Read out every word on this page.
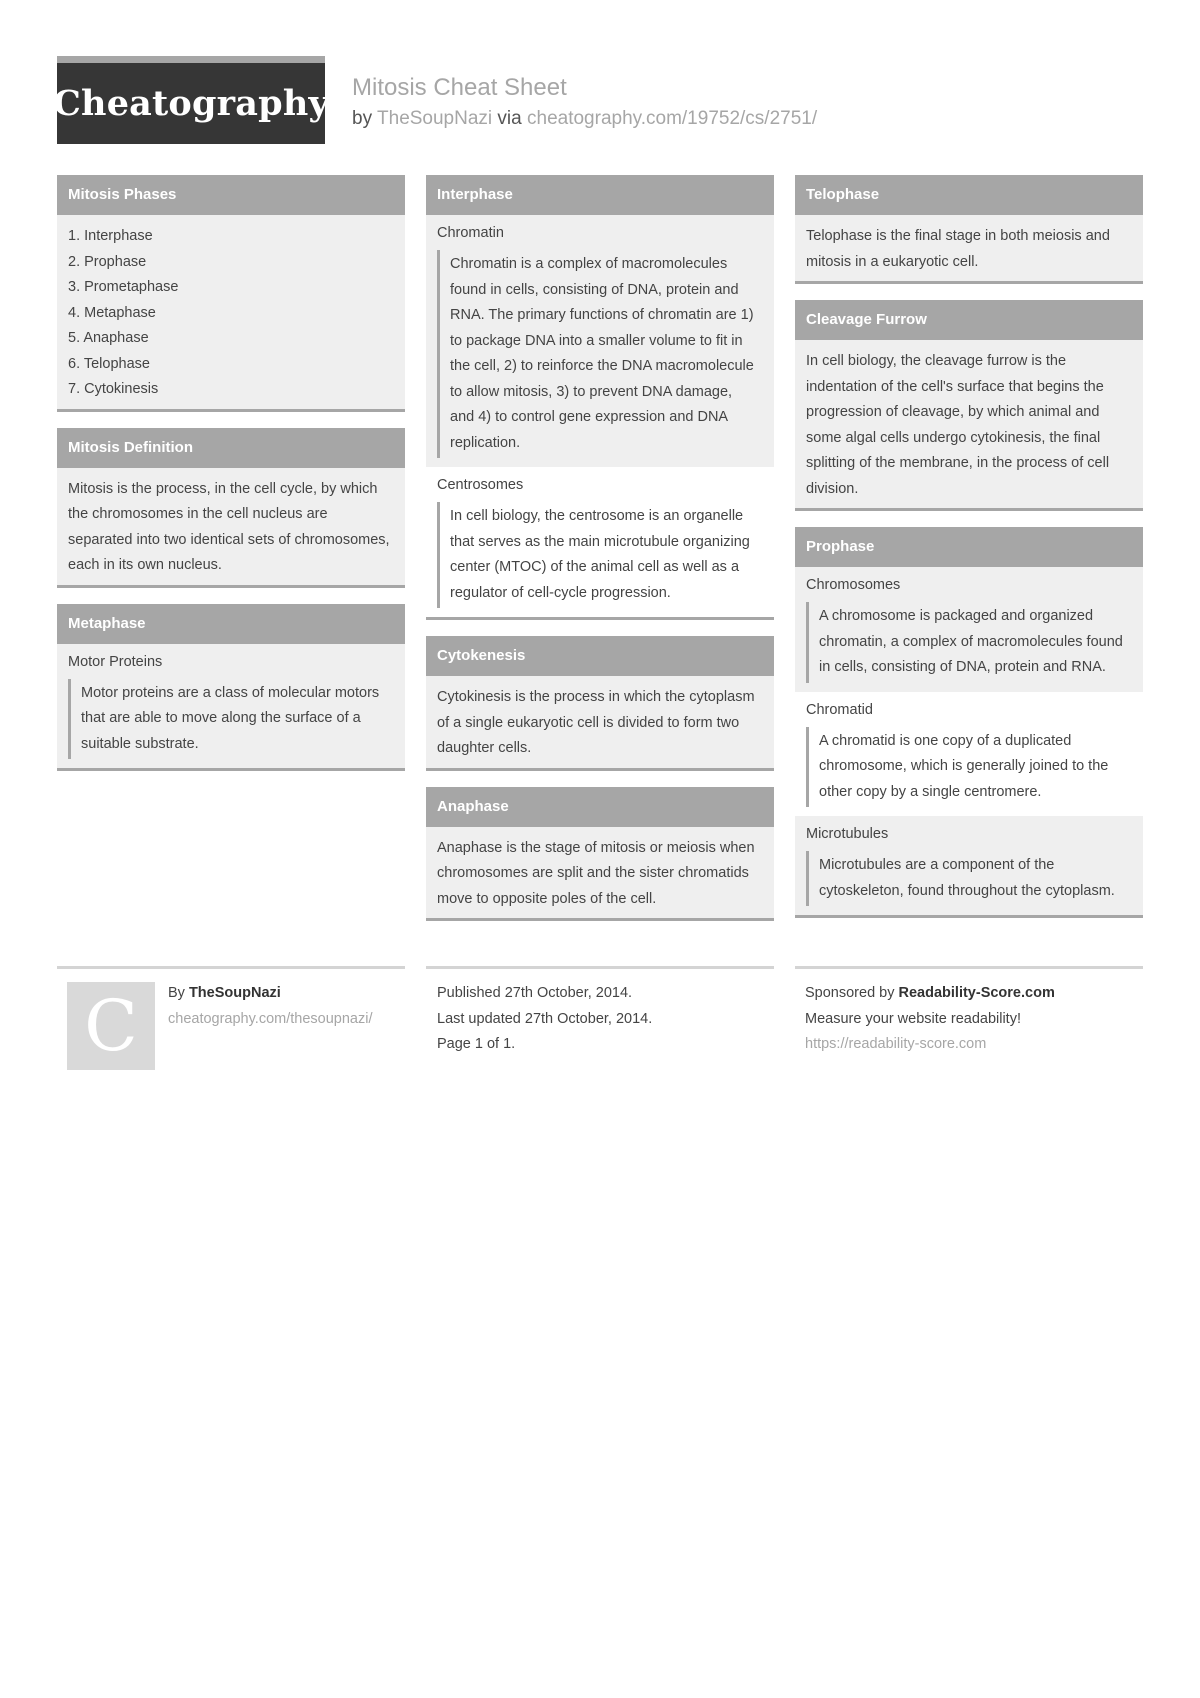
Cheatography Mitosis Cheat Sheet
by TheSoupNazi via cheatography.com/19752/cs/2751/
Mitosis Phases
1. Interphase
2. Prophase
3. Prometaphase
4. Metaphase
5. Anaphase
6. Telophase
7. Cytokinesis
Mitosis Definition
Mitosis is the process, in the cell cycle, by which the chromosomes in the cell nucleus are separated into two identical sets of chromosomes, each in its own nucleus.
Metaphase
Motor Proteins
Motor proteins are a class of molecular motors that are able to move along the surface of a suitable substrate.
Interphase
Chromatin
Chromatin is a complex of macromolecules found in cells, consisting of DNA, protein and RNA. The primary functions of chromatin are 1) to package DNA into a smaller volume to fit in the cell, 2) to reinforce the DNA macromolecule to allow mitosis, 3) to prevent DNA damage, and 4) to control gene expression and DNA replication.
Centrosomes
In cell biology, the centrosome is an organelle that serves as the main microtubule organizing center (MTOC) of the animal cell as well as a regulator of cell-cycle progression.
Cytokenesis
Cytokinesis is the process in which the cytoplasm of a single eukaryotic cell is divided to form two daughter cells.
Anaphase
Anaphase is the stage of mitosis or meiosis when chromosomes are split and the sister chromatids move to opposite poles of the cell.
Telophase
Telophase is the final stage in both meiosis and mitosis in a eukaryotic cell.
Cleavage Furrow
In cell biology, the cleavage furrow is the indentation of the cell's surface that begins the progression of cleavage, by which animal and some algal cells undergo cytokinesis, the final splitting of the membrane, in the process of cell division.
Prophase
Chromosomes
A chromosome is packaged and organized chromatin, a complex of macromolecules found in cells, consisting of DNA, protein and RNA.
Chromatid
A chromatid is one copy of a duplicated chromosome, which is generally joined to the other copy by a single centromere.
Microtubules
Microtubules are a component of the cytoskeleton, found throughout the cytoplasm.
C By TheSoupNazi
cheatography.com/thesoupnazi/
Published 27th October, 2014.
Last updated 27th October, 2014.
Page 1 of 1.
Sponsored by Readability-Score.com
Measure your website readability!
https://readability-score.com
